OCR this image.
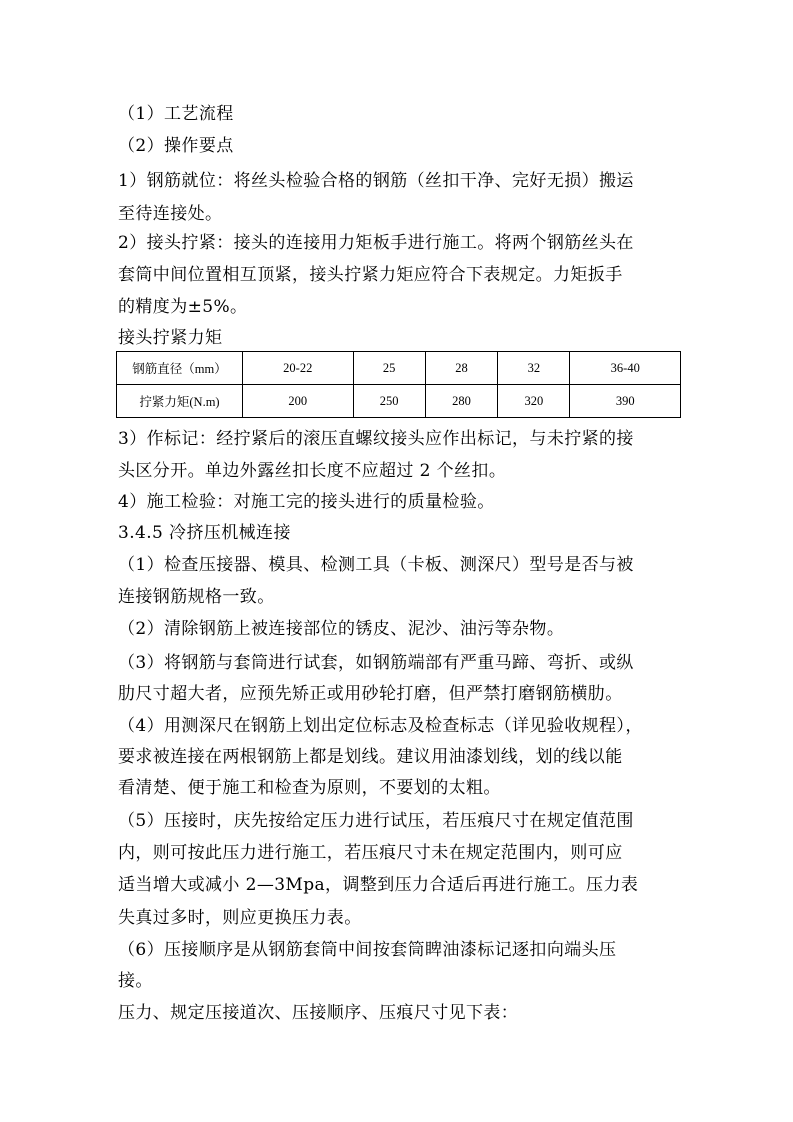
（1）工艺流程
（2）操作要点
1）钢筋就位：将丝头检验合格的钢筋（丝扣干净、完好无损）搬运
至待连接处。
2）接头拧紧：接头的连接用力矩板手进行施工。将两个钢筋丝头在
套筒中间位置相互顶紧，接头拧紧力矩应符合下表规定。力矩扳手
的精度为±5%。
接头拧紧力矩
钢筋直径（mm）	20-22	25	28	32	36-40
拧紧力矩(N.m)	200	250	280	320	390
3）作标记：经拧紧后的滚压直螺纹接头应作出标记，与未拧紧的接
头区分开。单边外露丝扣长度不应超过 2 个丝扣。
4）施工检验：对施工完的接头进行的质量检验。
3.4.5 冷挤压机械连接
（1）检查压接器、模具、检测工具（卡板、测深尺）型号是否与被
连接钢筋规格一致。
（2）清除钢筋上被连接部位的锈皮、泥沙、油污等杂物。
（3）将钢筋与套筒进行试套，如钢筋端部有严重马蹄、弯折、或纵
肋尺寸超大者，应预先矫正或用砂轮打磨，但严禁打磨钢筋横肋。
（4）用测深尺在钢筋上划出定位标志及检查标志（详见验收规程），
要求被连接在两根钢筋上都是划线。建议用油漆划线，划的线以能
看清楚、便于施工和检查为原则，不要划的太粗。
（5）压接时，庆先按给定压力进行试压，若压痕尺寸在规定值范围
内，则可按此压力进行施工，若压痕尺寸未在规定范围内，则可应
适当增大或减小 2—3Mpa，调整到压力合适后再进行施工。压力表
失真过多时，则应更换压力表。
（6）压接顺序是从钢筋套筒中间按套筒睥油漆标记逐扣向端头压
接。
压力、规定压接道次、压接顺序、压痕尺寸见下表：
